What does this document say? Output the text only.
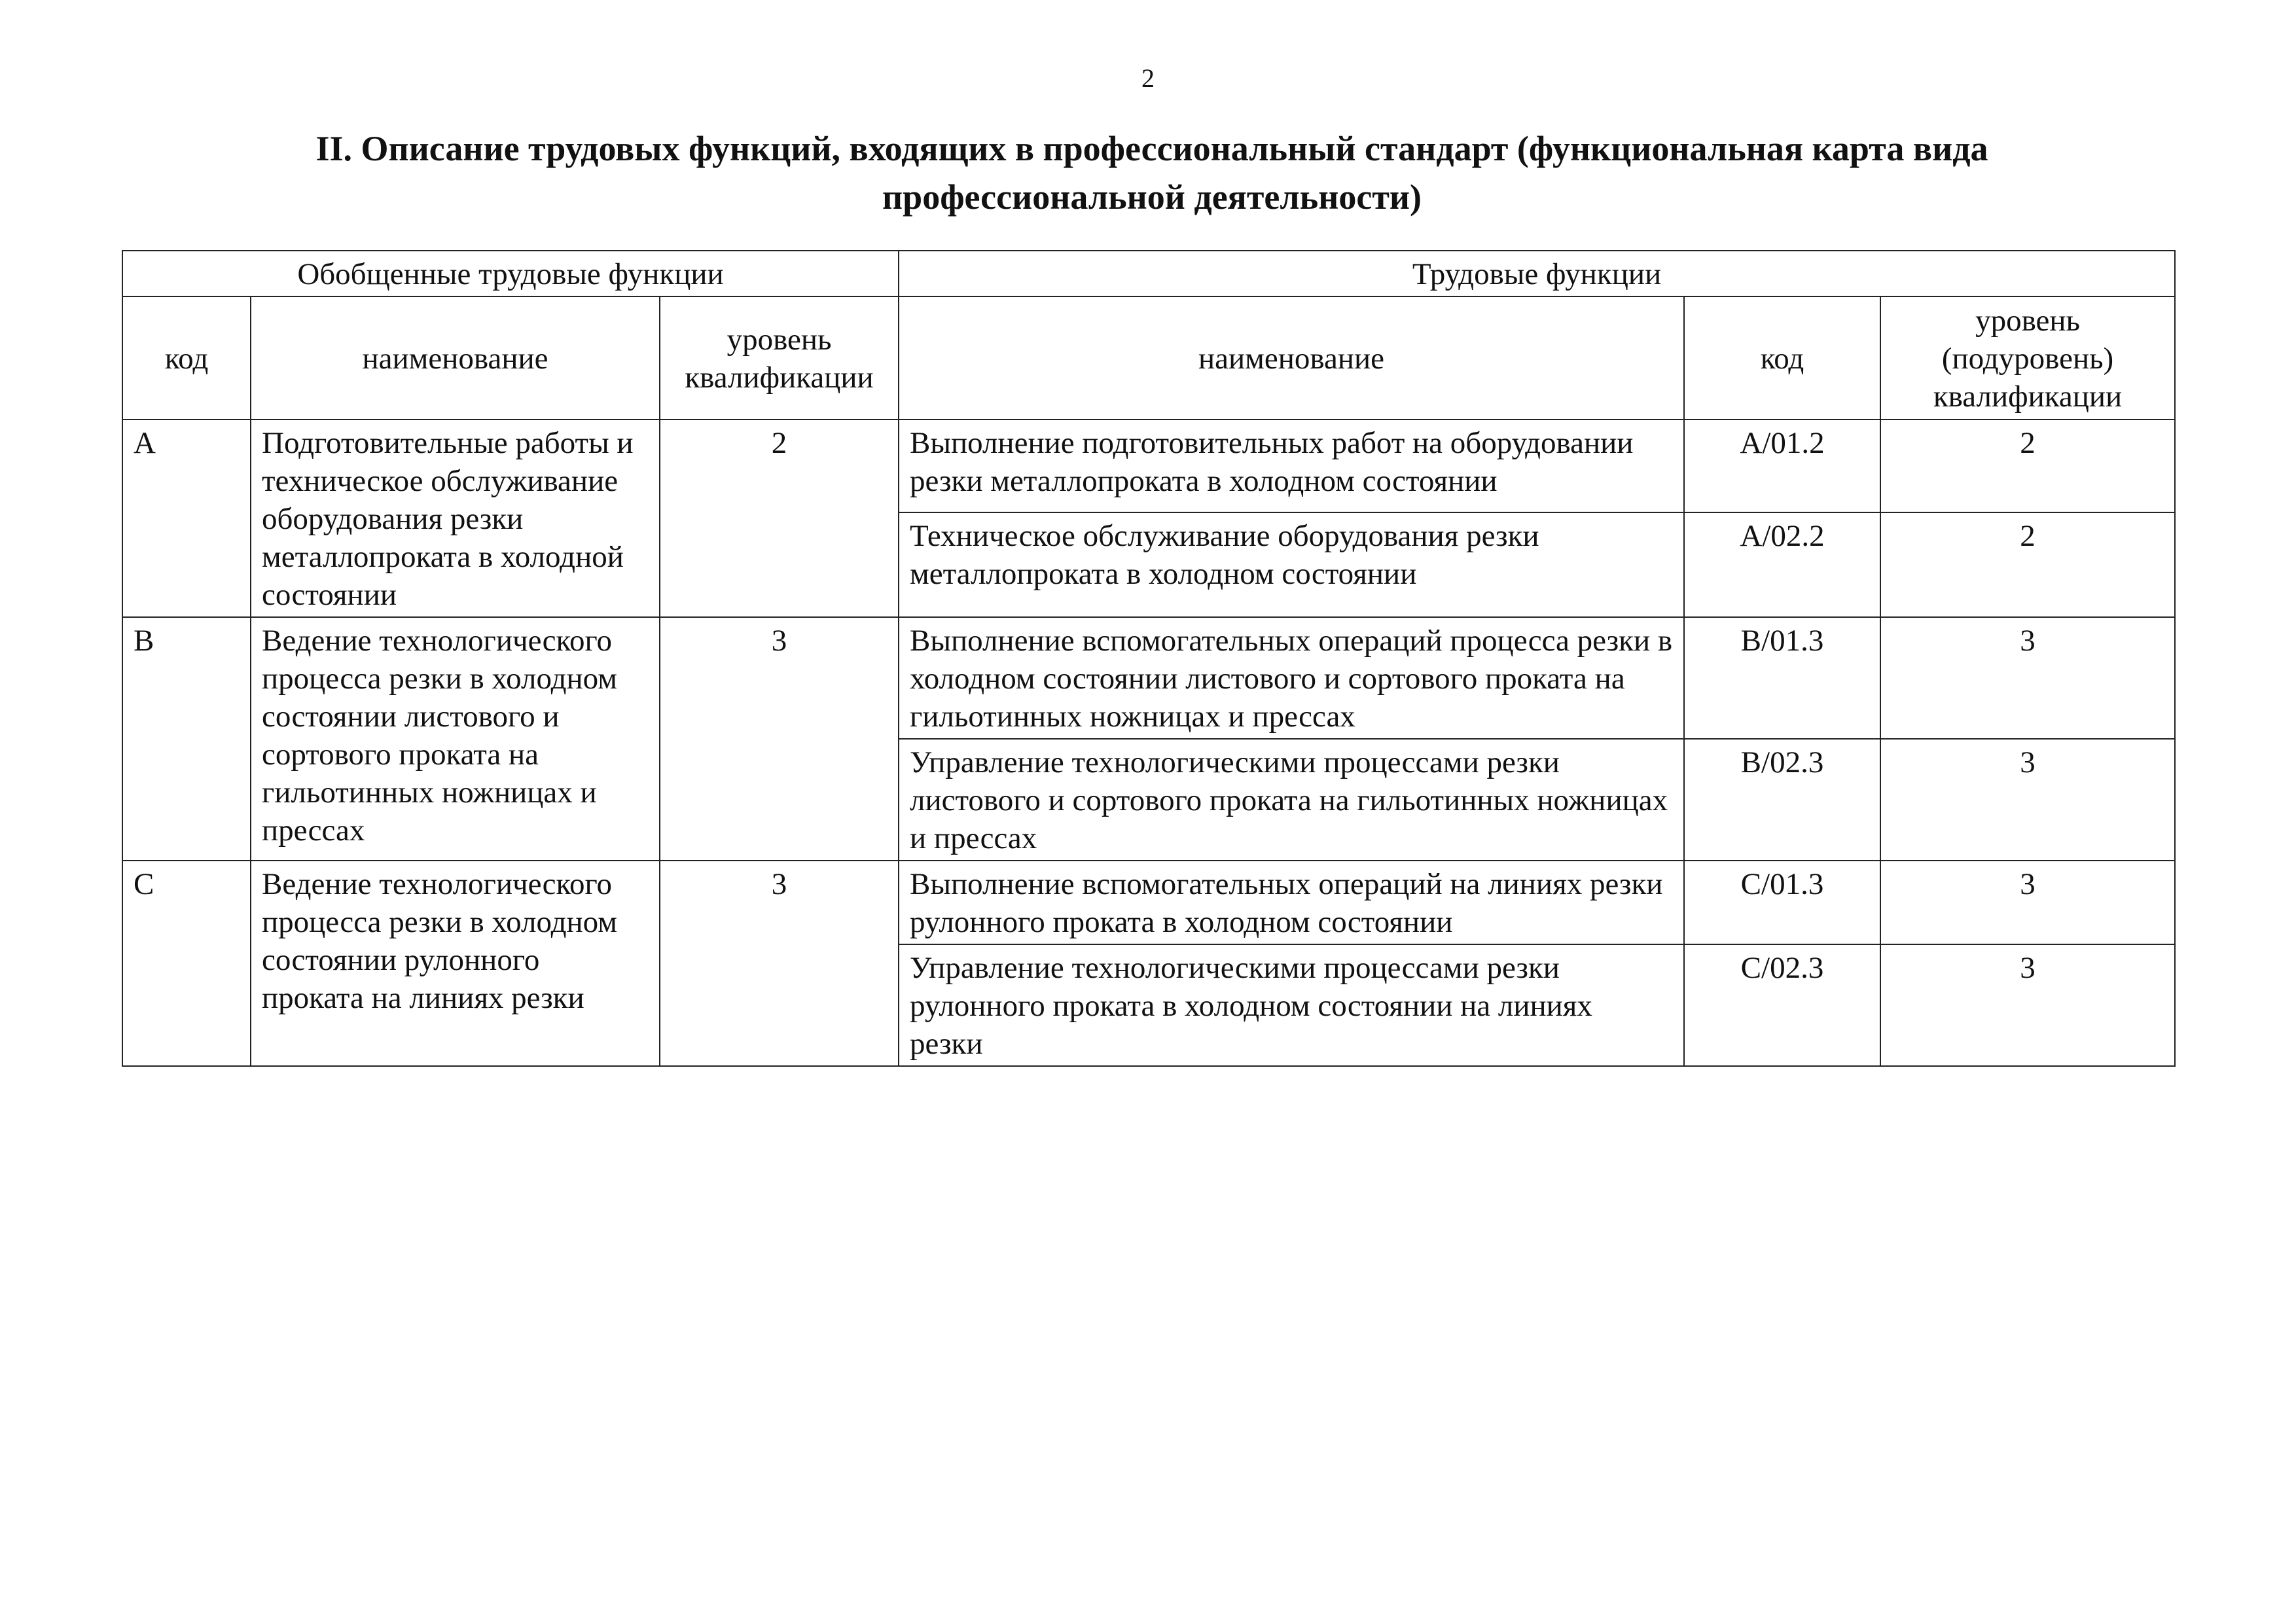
2
II. Описание трудовых функций, входящих в профессиональный стандарт (функциональная карта вида
профессиональной деятельности)
Обобщенные трудовые функции			Трудовые функции		
код	наименование	уровень квалификации	наименование	код	уровень (подуровень) квалификации
A	Подготовительные работы и техническое обслуживание оборудования резки металлопроката в холодной состоянии	2	Выполнение подготовительных работ на оборудовании резки металлопроката в холодном состоянии	A/01.2	2
			Техническое обслуживание оборудования резки металлопроката в холодном состоянии	A/02.2	2
B	Ведение технологического процесса резки в холодном состоянии листового и сортового проката на гильотинных ножницах и прессах	3	Выполнение вспомогательных операций процесса резки в холодном состоянии листового и сортового проката на гильотинных ножницах и прессах	B/01.3	3
			Управление технологическими процессами резки листового и сортового проката на гильотинных ножницах и прессах	B/02.3	3
C	Ведение технологического процесса резки в холодном состоянии рулонного проката на линиях резки	3	Выполнение вспомогательных операций на линиях резки рулонного проката в холодном состоянии	C/01.3	3
			Управление технологическими процессами резки рулонного проката в холодном состоянии на линиях резки	C/02.3	3
